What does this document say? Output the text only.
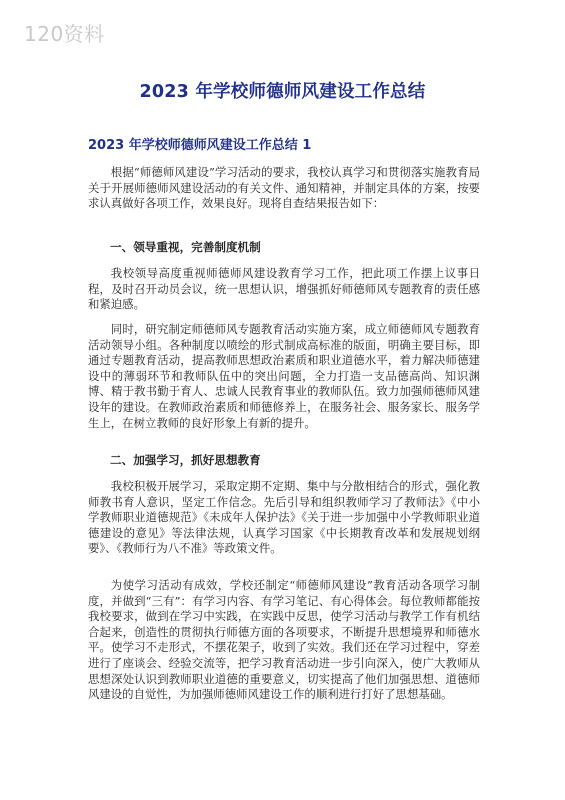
120资料
2023 年学校师德师风建设工作总结
2023 年学校师德师风建设工作总结 1

根据“师德师风建设”学习活动的要求，我校认真学习和贯彻落实施教育局关于开展师德师风建设活动的有关文件、通知精神，并制定具体的方案，按要求认真做好各项工作，效果良好。现将自查结果报告如下：

一、领导重视，完善制度机制

我校领导高度重视师德师风建设教育学习工作，把此项工作摆上议事日程，及时召开动员会议，统一思想认识，增强抓好师德师风专题教育的责任感和紧迫感。

同时，研究制定师德师风专题教育活动实施方案，成立师德师风专题教育活动领导小组。各种制度以喷绘的形式制成高标准的版面，明确主要目标，即通过专题教育活动，提高教师思想政治素质和职业道德水平，着力解决师德建设中的薄弱环节和教师队伍中的突出问题，全力打造一支品德高尚、知识渊博、精于教书勤于育人、忠诚人民教育事业的教师队伍。致力加强师德师风建设年的建设。在教师政治素质和师德修养上，在服务社会、服务家长、服务学生上，在树立教师的良好形象上有新的提升。

二、加强学习，抓好思想教育

我校积极开展学习，采取定期不定期、集中与分散相结合的形式，强化教师教书育人意识，坚定工作信念。先后引导和组织教师学习了教师法》《中小学教师职业道德规范》《未成年人保护法》《关于进一步加强中小学教师职业道德建设的意见》等法律法规，认真学习国家《中长期教育改革和发展规划纲要》、《教师行为八不准》等政策文件。

为使学习活动有成效，学校还制定“师德师风建设”教育活动各项学习制度，并做到“三有”：有学习内容、有学习笔记、有心得体会。每位教师都能按我校要求，做到在学习中实践，在实践中反思，使学习活动与教学工作有机结合起来，创造性的贯彻执行师德方面的各项要求，不断提升思想境界和师德水平。使学习不走形式，不摆花架子，收到了实效。我们还在学习过程中，穿差进行了座谈会、经验交流等，把学习教育活动进一步引向深入，使广大教师从思想深处认识到教师职业道德的重要意义，切实提高了他们加强思想、道德师风建设的自觉性，为加强师德师风建设工作的顺利进行打好了思想基础。
